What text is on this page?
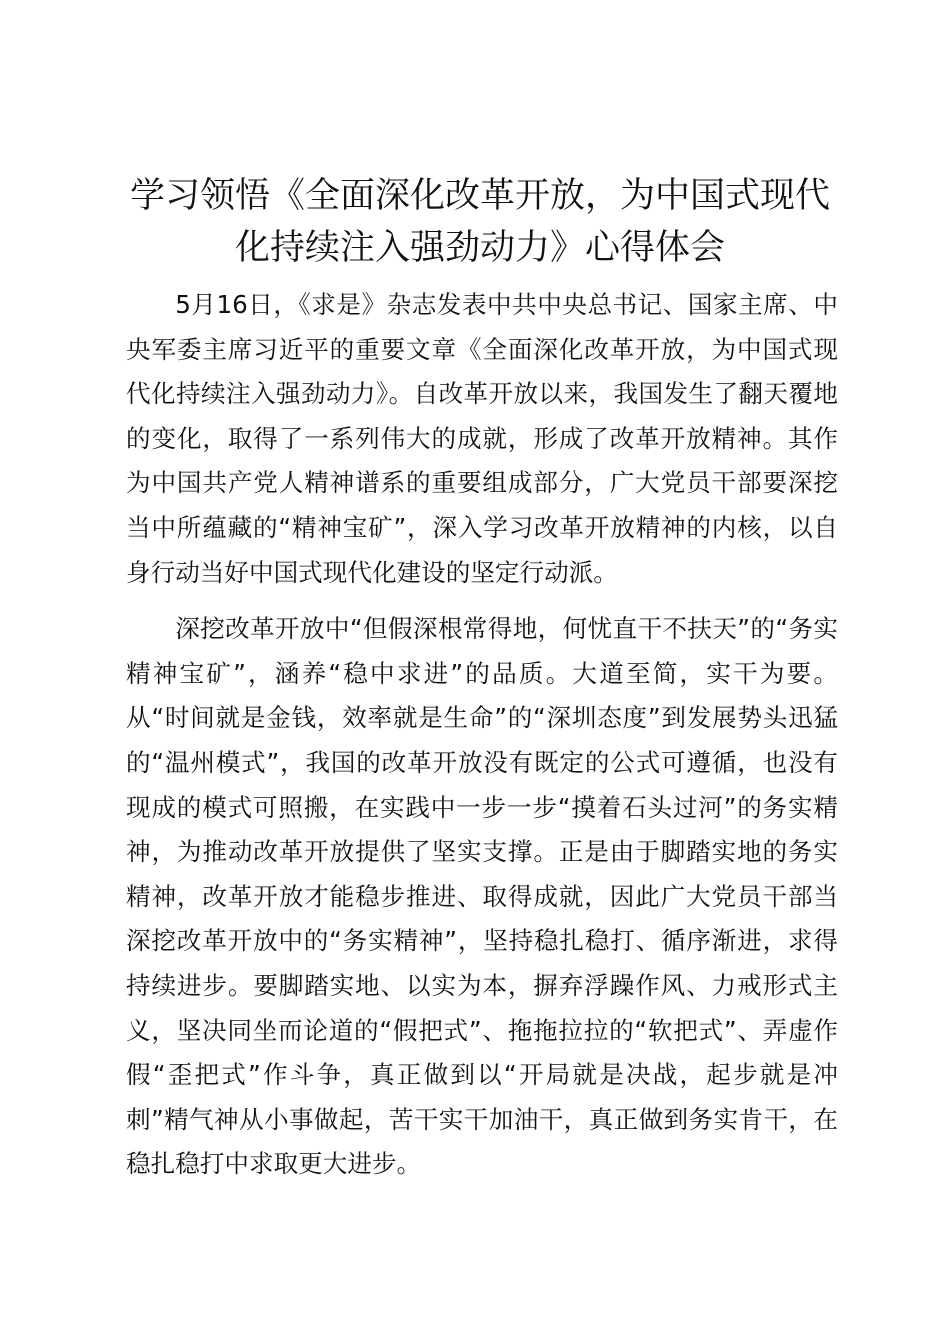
学习领悟《全面深化改革开放，为中国式现代
化持续注入强劲动力》心得体会

5月16日，《求是》杂志发表中共中央总书记、国家主席、中央军委主席习近平的重要文章《全面深化改革开放，为中国式现代化持续注入强劲动力》。自改革开放以来，我国发生了翻天覆地的变化，取得了一系列伟大的成就，形成了改革开放精神。其作为中国共产党人精神谱系的重要组成部分，广大党员干部要深挖当中所蕴藏的“精神宝矿”，深入学习改革开放精神的内核，以自身行动当好中国式现代化建设的坚定行动派。

深挖改革开放中“但假深根常得地，何忧直干不扶天”的“务实精神宝矿”，涵养“稳中求进”的品质。大道至简，实干为要。从“时间就是金钱，效率就是生命”的“深圳态度”到发展势头迅猛的“温州模式”，我国的改革开放没有既定的公式可遵循，也没有现成的模式可照搬，在实践中一步一步“摸着石头过河”的务实精神，为推动改革开放提供了坚实支撑。正是由于脚踏实地的务实精神，改革开放才能稳步推进、取得成就，因此广大党员干部当深挖改革开放中的“务实精神”，坚持稳扎稳打、循序渐进，求得持续进步。要脚踏实地、以实为本，摒弃浮躁作风、力戒形式主义，坚决同坐而论道的“假把式”、拖拖拉拉的“软把式”、弄虚作假“歪把式”作斗争，真正做到以“开局就是决战，起步就是冲刺”精气神从小事做起，苦干实干加油干，真正做到务实肯干，在稳扎稳打中求取更大进步。
